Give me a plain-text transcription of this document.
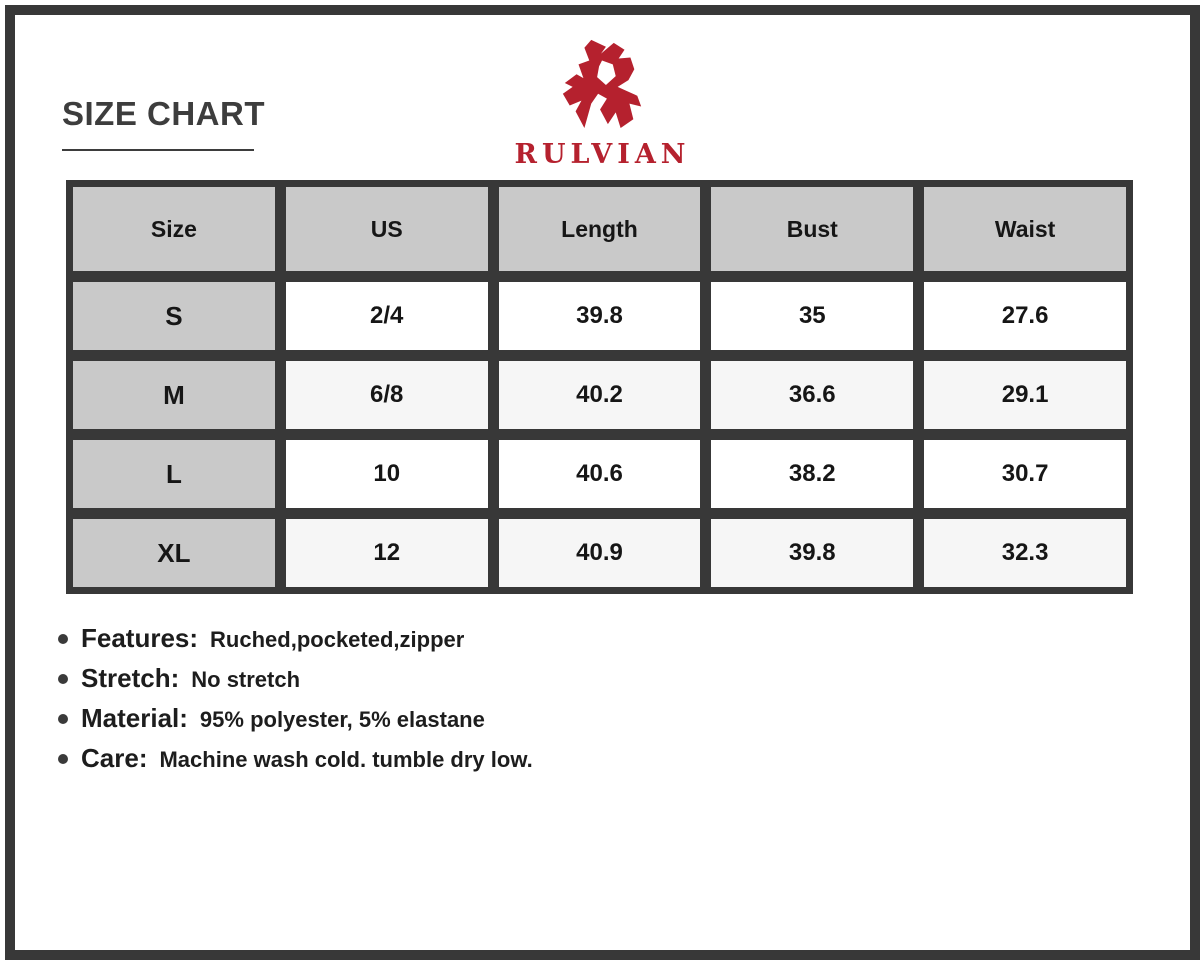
SIZE CHART
RULVIAN
Size	US	Length	Bust	Waist
S	2/4	39.8	35	27.6
M	6/8	40.2	36.6	29.1
L	10	40.6	38.2	30.7
XL	12	40.9	39.8	32.3
Features: Ruched,pocketed,zipper
Stretch: No stretch
Material: 95% polyester, 5% elastane
Care: Machine wash cold. tumble dry low.
